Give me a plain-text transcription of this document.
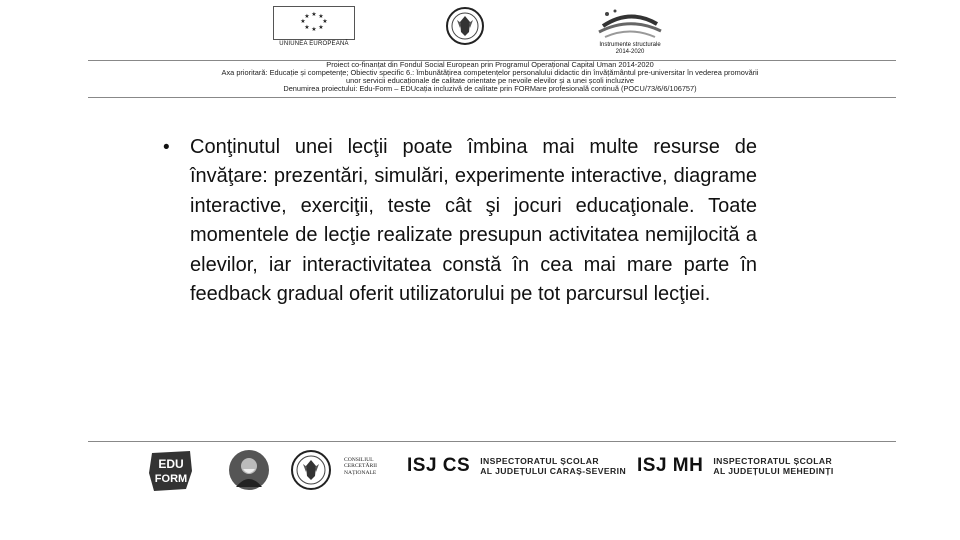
★ ★
★
★
★
★
★
★
UNIUNEA EUROPEANĂ	Instrumente structurale
2014-2020
Proiect co-finanțat din Fondul Social European prin Programul Operațional Capital Uman 2014-2020
Axa prioritară: Educație și competențe; Obiectiv specific 6.: Îmbunătățirea competențelor personalului didactic din învățământul pre-universitar în vederea promovării
unor servicii educaționale de calitate orientate pe nevoile elevilor și a unei școli incluzive
Denumirea proiectului: Edu-Form – EDUcația incluzivă de calitate prin FORMare profesională continuă (POCU/73/6/6/106757)
• Conţinutul unei lecţii poate îmbina mai multe resurse de învăţare: prezentări, simulări, experimente interactive, diagrame interactive, exerciţii, teste cât şi jocuri educaţionale. Toate momentele de lecţie realizate presupun activitatea nemijlocită a elevilor, iar interactivitatea constă în cea mai mare parte în feedback gradual oferit utilizatorului pe tot parcursul lecţiei.
EDU
FORM
CONSILIUL CERCETĂRII NAȚIONALE	ISJ CS INSPECTORATUL ȘCOLAR
AL JUDEȚULUI CARAȘ-SEVERIN ISJ MH INSPECTORATUL ȘCOLAR
AL JUDEȚULUI MEHEDINȚI
